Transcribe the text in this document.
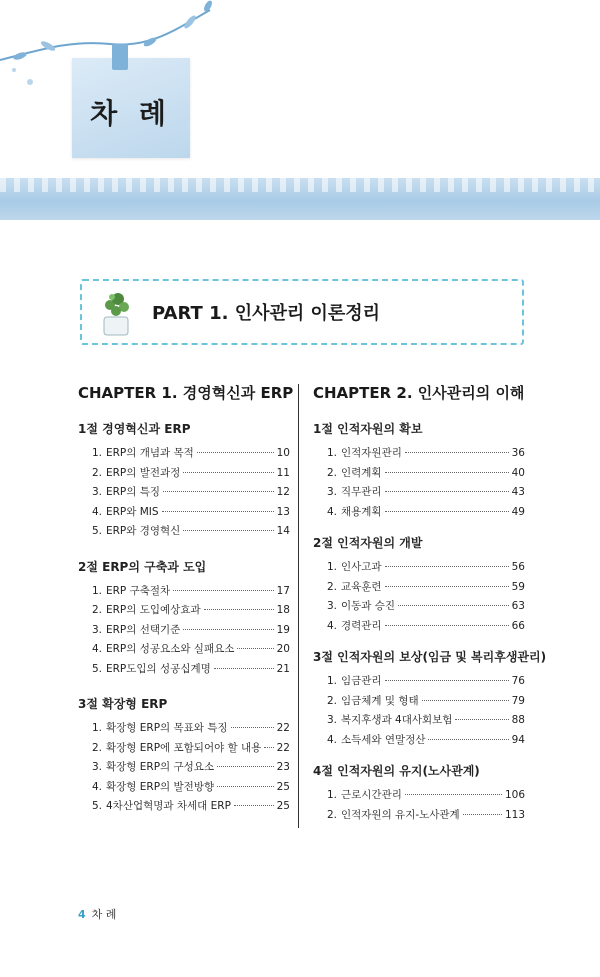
차 례
PART 1. 인사관리 이론정리
CHAPTER 1. 경영혁신과 ERP
1절 경영혁신과 ERP
1. ERP의 개념과 목적	10
2. ERP의 발전과정	11
3. ERP의 특징	12
4. ERP와 MIS	13
5. ERP와 경영혁신	14
2절 ERP의 구축과 도입
1. ERP 구축절차	17
2. ERP의 도입예상효과	18
3. ERP의 선택기준	19
4. ERP의 성공요소와 실패요소	20
5. ERP도입의 성공십계명	21
3절 확장형 ERP
1. 확장형 ERP의 목표와 특징	22
2. 확장형 ERP에 포함되어야 할 내용 22
3. 확장형 ERP의 구성요소	23
4. 확장형 ERP의 발전방향	25
5. 4차산업혁명과 차세대 ERP	25
CHAPTER 2. 인사관리의 이해
1절 인적자원의 확보
1. 인적자원관리	36
2. 인력계획	40
3. 직무관리	43
4. 채용계획	49
2절 인적자원의 개발
1. 인사고과	56
2. 교육훈련	59
3. 이동과 승진	63
4. 경력관리	66
3절 인적자원의 보상(임금 및 복리후생관리)
1. 임금관리	76
2. 임금체계 및 형태	79
3. 복지후생과 4대사회보험	88
4. 소득세와 연말정산	94
4절 인적자원의 유지(노사관계)
1. 근로시간관리	106
2. 인적자원의 유지-노사관계	113
4 차 례
